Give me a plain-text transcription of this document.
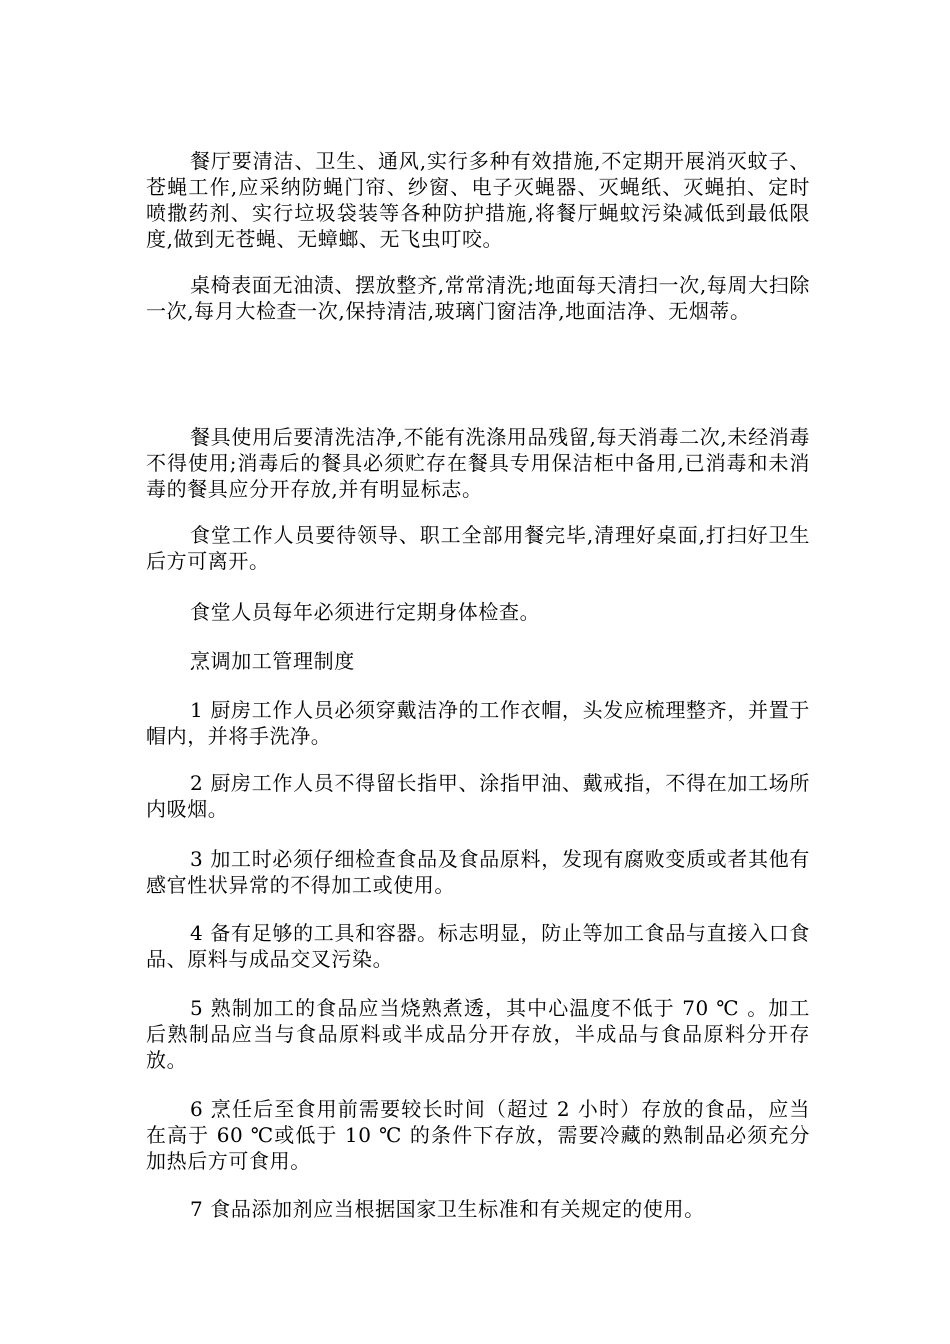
餐厅要清洁、卫生、通风,实行多种有效措施,不定期开展消灭蚊子、苍蝇工作,应采纳防蝇门帘、纱窗、电子灭蝇器、灭蝇纸、灭蝇拍、定时喷撒药剂、实行垃圾袋装等各种防护措施,将餐厅蝇蚊污染减低到最低限度,做到无苍蝇、无蟑螂、无飞虫叮咬。

桌椅表面无油渍、摆放整齐,常常清洗;地面每天清扫一次,每周大扫除一次,每月大检查一次,保持清洁,玻璃门窗洁净,地面洁净、无烟蒂。

餐具使用后要清洗洁净,不能有洗涤用品残留,每天消毒二次,未经消毒不得使用;消毒后的餐具必须贮存在餐具专用保洁柜中备用,已消毒和未消毒的餐具应分开存放,并有明显标志。

食堂工作人员要待领导、职工全部用餐完毕,清理好桌面,打扫好卫生后方可离开。

食堂人员每年必须进行定期身体检查。

烹调加工管理制度

1 厨房工作人员必须穿戴洁净的工作衣帽，头发应梳理整齐，并置于帽内，并将手洗净。

2 厨房工作人员不得留长指甲、涂指甲油、戴戒指，不得在加工场所内吸烟。

3 加工时必须仔细检查食品及食品原料，发现有腐败变质或者其他有感官性状异常的不得加工或使用。

4 备有足够的工具和容器。标志明显，防止等加工食品与直接入口食品、原料与成品交叉污染。

5 熟制加工的食品应当烧熟煮透，其中心温度不低于 70 ℃ 。加工后熟制品应当与食品原料或半成品分开存放，半成品与食品原料分开存放。

6 烹任后至食用前需要较长时间（超过 2 小时）存放的食品，应当在高于 60 ℃或低于 10 ℃ 的条件下存放，需要冷藏的熟制品必须充分加热后方可食用。

7 食品添加剂应当根据国家卫生标准和有关规定的使用。
